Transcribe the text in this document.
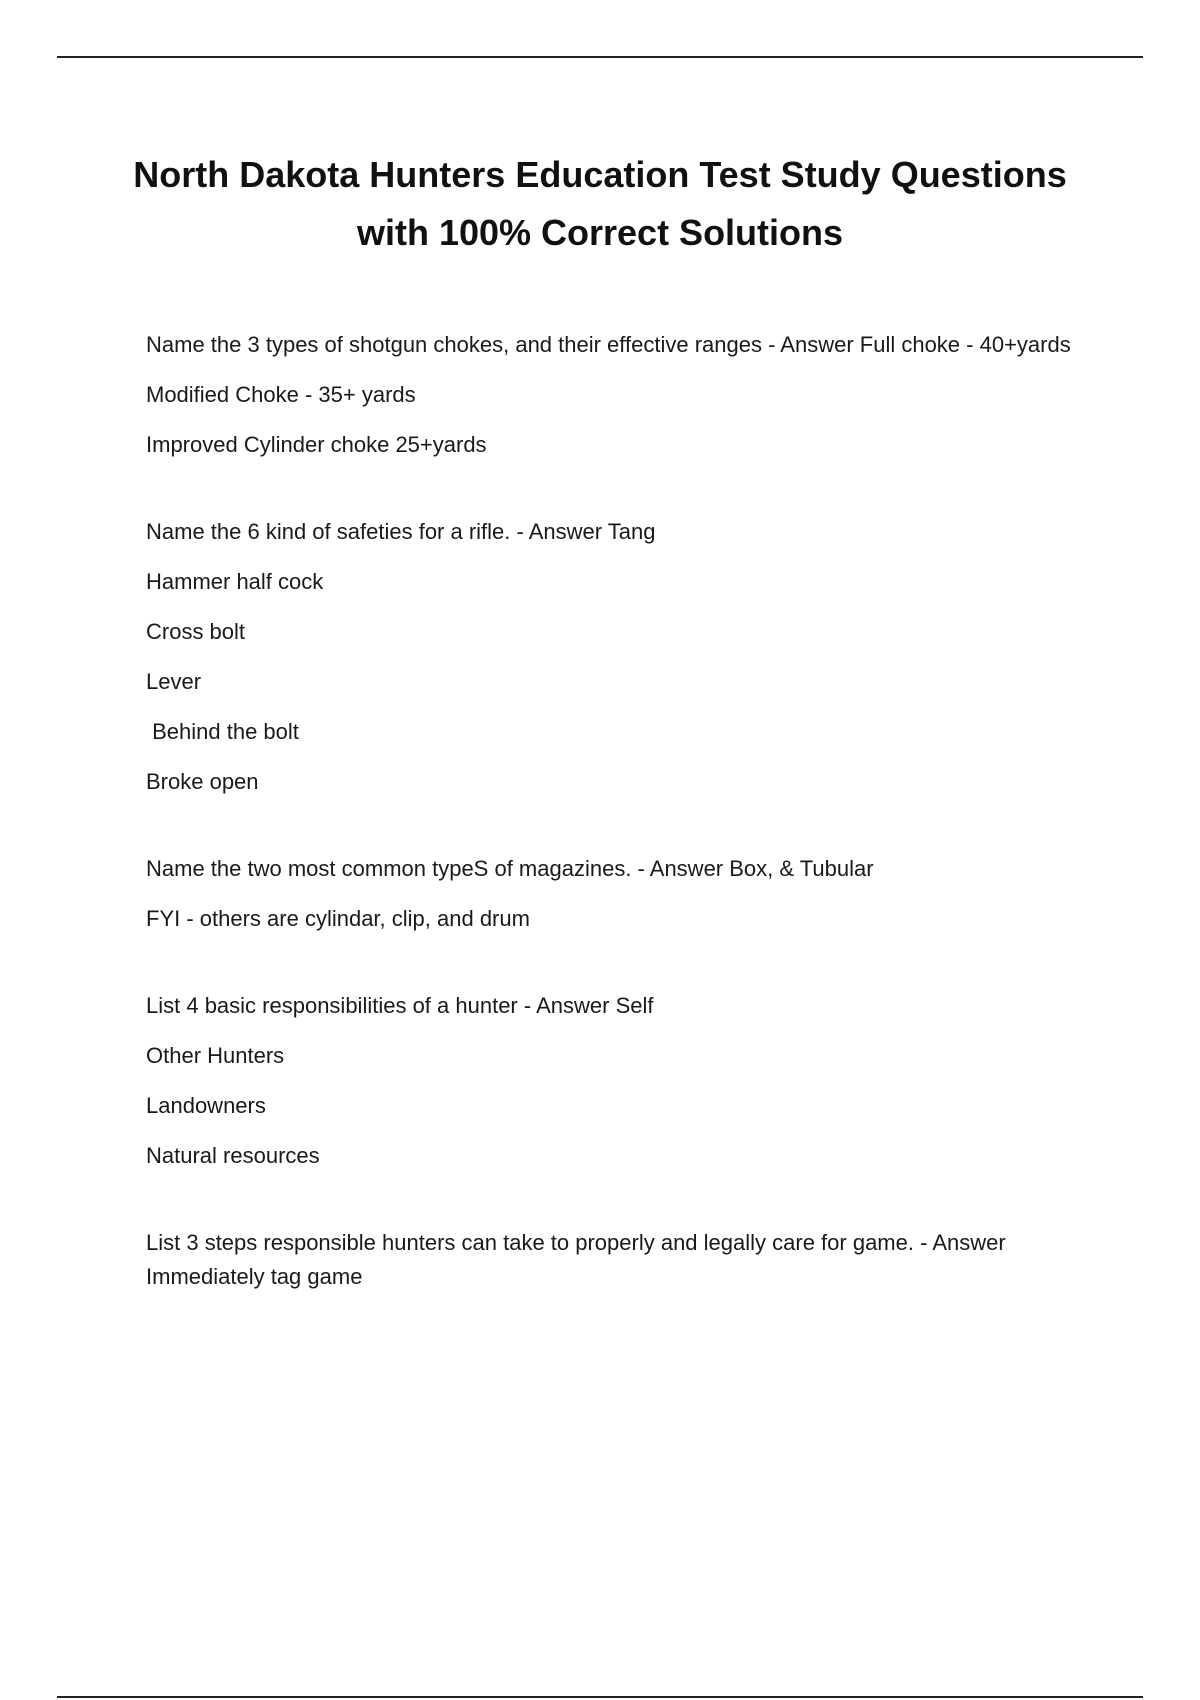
North Dakota Hunters Education Test Study Questions with 100% Correct Solutions
Name the 3 types of shotgun chokes, and their effective ranges - Answer Full choke - 40+yards
Modified Choke - 35+ yards
Improved Cylinder choke 25+yards
Name the 6 kind of safeties for a rifle. - Answer Tang
Hammer half cock
Cross bolt
Lever
Behind the bolt
Broke open
Name the two most common typeS of magazines. - Answer Box, & Tubular
FYI - others are cylindar, clip, and drum
List 4 basic responsibilities of a hunter - Answer Self
Other Hunters
Landowners
Natural resources
List 3 steps responsible hunters can take to properly and legally care for game. - Answer Immediately tag game
